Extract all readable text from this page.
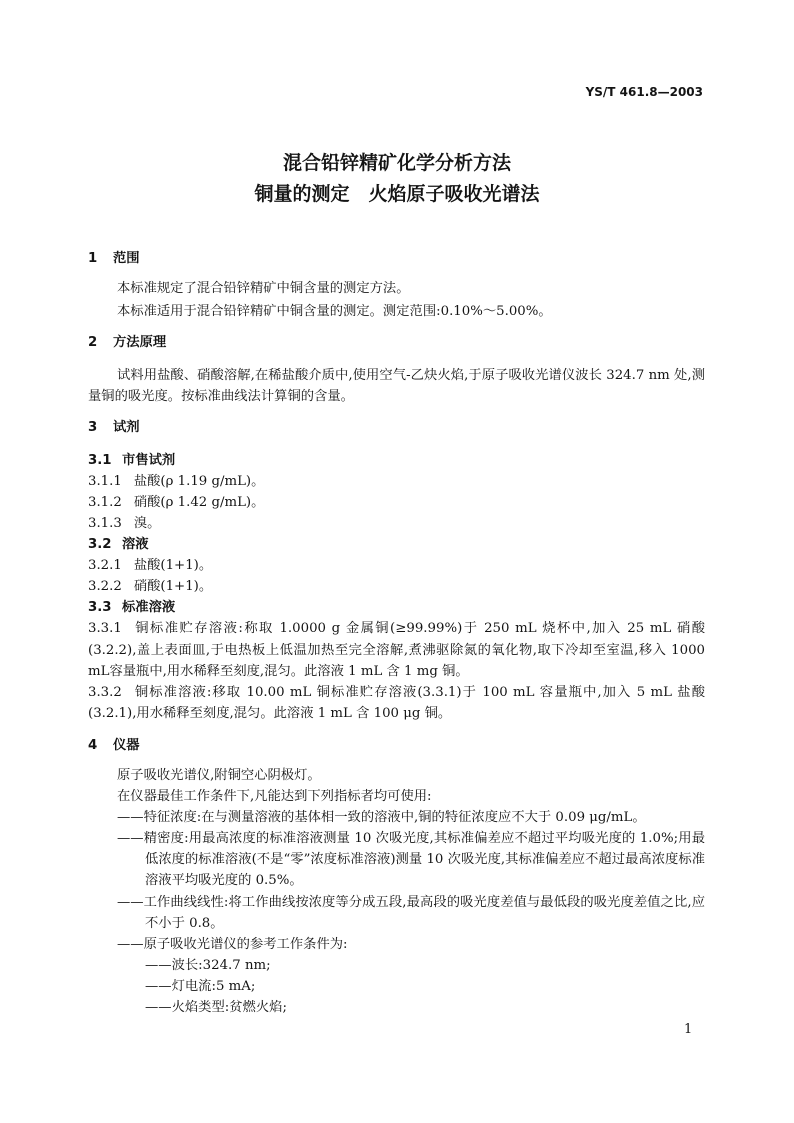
YS/T 461.8—2003
混合铅锌精矿化学分析方法
铜量的测定　火焰原子吸收光谱法
1 范围

本标准规定了混合铅锌精矿中铜含量的测定方法。

本标准适用于混合铅锌精矿中铜含量的测定。测定范围:0.10%～5.00%。

2 方法原理

试料用盐酸、硝酸溶解,在稀盐酸介质中,使用空气-乙炔火焰,于原子吸收光谱仪波长 324.7 nm 处,测量铜的吸光度。按标准曲线法计算铜的含量。

3 试剂
3.1 市售试剂

3.1.1 盐酸(ρ 1.19 g/mL)。

3.1.2 硝酸(ρ 1.42 g/mL)。

3.1.3 溴。

3.2 溶液

3.2.1 盐酸(1+1)。

3.2.2 硝酸(1+1)。

3.3 标准溶液

3.3.1 铜标准贮存溶液:称取 1.0000 g 金属铜(≥99.99%)于 250 mL 烧杯中,加入 25 mL 硝酸(3.2.2),盖上表面皿,于电热板上低温加热至完全溶解,煮沸驱除氮的氧化物,取下冷却至室温,移入 1000 mL容量瓶中,用水稀释至刻度,混匀。此溶液 1 mL 含 1 mg 铜。

3.3.2 铜标准溶液:移取 10.00 mL 铜标准贮存溶液(3.3.1)于 100 mL 容量瓶中,加入 5 mL 盐酸(3.2.1),用水稀释至刻度,混匀。此溶液 1 mL 含 100 μg 铜。

4 仪器

原子吸收光谱仪,附铜空心阴极灯。

在仪器最佳工作条件下,凡能达到下列指标者均可使用:

——特征浓度:在与测量溶液的基体相一致的溶液中,铜的特征浓度应不大于 0.09 μg/mL。
——精密度:用最高浓度的标准溶液测量 10 次吸光度,其标准偏差应不超过平均吸光度的 1.0%;用最低浓度的标准溶液(不是“零”浓度标准溶液)测量 10 次吸光度,其标准偏差应不超过最高浓度标准溶液平均吸光度的 0.5%。
——工作曲线线性:将工作曲线按浓度等分成五段,最高段的吸光度差值与最低段的吸光度差值之比,应不小于 0.8。
——原子吸收光谱仪的参考工作条件为:
——波长:324.7 nm;
——灯电流:5 mA;
——火焰类型:贫燃火焰;
1
